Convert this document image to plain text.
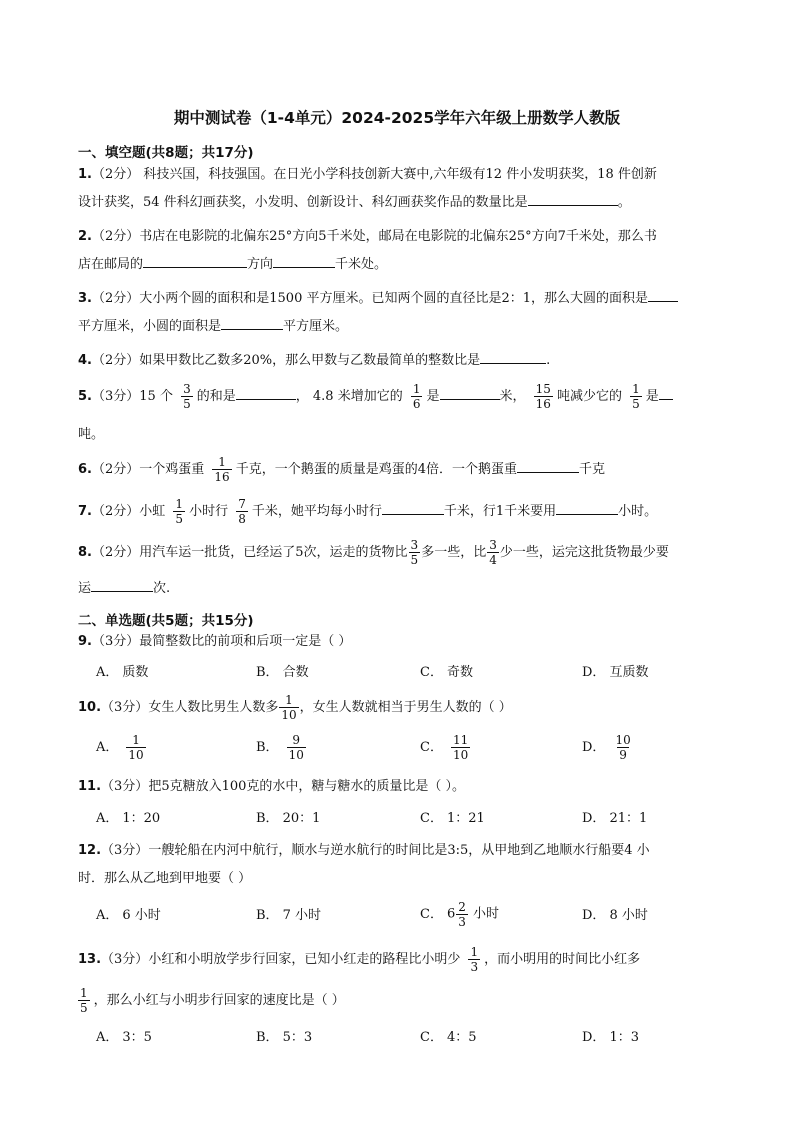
期中测试卷（1-4单元）2024-2025学年六年级上册数学人教版
一、填空题(共8题；共17分)
1.（2分） 科技兴国，科技强国。在日光小学科技创新大赛中,六年级有12 件小发明获奖，18 件创新
设计获奖，54 件科幻画获奖，小发明、创新设计、科幻画获奖作品的数量比是	。
2.（2分）书店在电影院的北偏东25°方向5千米处，邮局在电影院的北偏东25°方向7千米处，那么书
店在邮局的	方向	千米处。
3.（2分）大小两个圆的面积和是1500 平方厘米。已知两个圆的直径比是2：1，那么大圆的面积是
平方厘米，小圆的面积是	平方厘米。
4.（2分）如果甲数比乙数多20%，那么甲数与乙数最简单的整数比是	.
5.（3分）15 个 $\frac{3}{5}$ 的和是	， 4.8 米增加它的 $\frac{1}{6}$ 是	米， $\frac{15}{16}$ 吨减少它的 $\frac{1}{5}$ 是
吨。
6.（2分）一个鸡蛋重 $\frac{1}{16}$ 千克，一个鹅蛋的质量是鸡蛋的4倍．一个鹅蛋重	千克
7.（2分）小虹 $\frac{1}{5}$ 小时行 $\frac{7}{8}$ 千米，她平均每小时行	千米，行1千米要用	小时。
8.（2分）用汽车运一批货，已经运了5次，运走的货物比 $\frac{3}{5}$ 多一些，比 $\frac{3}{4}$ 少一些，运完这批货物最少要
运	次.
二、单选题(共5题；共15分)
9.（3分）最简整数比的前项和后项一定是（ ）
A． 质数	B． 合数	C． 奇数	D． 互质数
10.（3分）女生人数比男生人数多 $\frac{1}{10}$ ，女生人数就相当于男生人数的（ ）
A． $\frac{1}{10}$	B． $\frac{9}{10}$	C． $\frac{11}{10}$	D． $\frac{10}{9}$
11.（3分）把5克糖放入100克的水中，糖与糖水的质量比是（ ）。
A． 1：20	B． 20：1	C． 1：21	D． 21：1
12.（3分）一艘轮船在内河中航行，顺水与逆水航行的时间比是3:5，从甲地到乙地顺水行船要4 小
时．那么从乙地到甲地要（ ）
A． 6 小时	B． 7 小时	C． $6 \frac{2}{3}$ 小时	D． 8 小时
13.（3分）小红和小明放学步行回家，已知小红走的路程比小明少 $\frac{1}{3}$ ，而小明用的时间比小红多
$\frac{1}{5}$ ，那么小红与小明步行回家的速度比是（ ）
A． 3：5	B． 5：3	C． 4：5	D． 1：3
